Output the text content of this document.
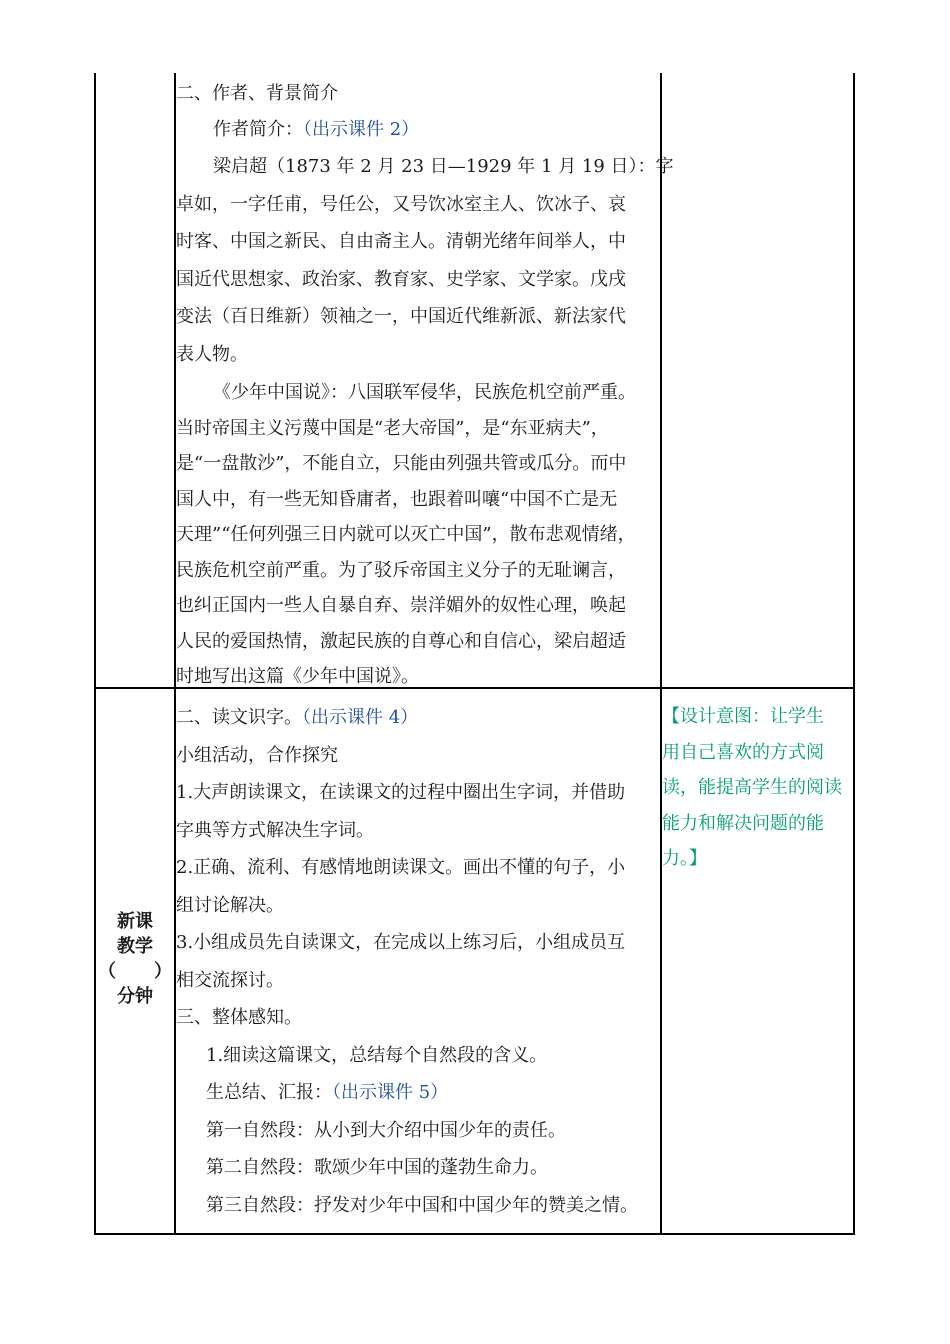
二、作者、背景简介

作者简介：（出示课件 2）

梁启超（1873 年 2 月 23 日—1929 年 1 月 19 日）：字

卓如，一字任甫，号任公，又号饮冰室主人、饮冰子、哀

时客、中国之新民、自由斋主人。清朝光绪年间举人，中

国近代思想家、政治家、教育家、史学家、文学家。戊戌

变法（百日维新）领袖之一，中国近代维新派、新法家代

表人物。

《少年中国说》：八国联军侵华，民族危机空前严重。

当时帝国主义污蔑中国是“老大帝国”，是“东亚病夫”，

是“一盘散沙”，不能自立，只能由列强共管或瓜分。而中

国人中，有一些无知昏庸者，也跟着叫嚷“中国不亡是无

天理”“任何列强三日内就可以灭亡中国”，散布悲观情绪，

民族危机空前严重。为了驳斥帝国主义分子的无耻谰言，

也纠正国内一些人自暴自弃、崇洋媚外的奴性心理，唤起

人民的爱国热情，激起民族的自尊心和自信心，梁启超适

时地写出这篇《少年中国说》。

新课
教学
（ ）
分钟

二、读文识字。（出示课件 4）

小组活动，合作探究

1.大声朗读课文，在读课文的过程中圈出生字词，并借助

字典等方式解决生字词。

2.正确、流利、有感情地朗读课文。画出不懂的句子，小

组讨论解决。

3.小组成员先自读课文，在完成以上练习后，小组成员互

相交流探讨。

三、整体感知。

1.细读这篇课文，总结每个自然段的含义。

生总结、汇报：（出示课件 5）

第一自然段：从小到大介绍中国少年的责任。

第二自然段：歌颂少年中国的蓬勃生命力。

第三自然段：抒发对少年中国和中国少年的赞美之情。

【设计意图：让学生
用自己喜欢的方式阅
读，能提高学生的阅读
能力和解决问题的能
力。】
